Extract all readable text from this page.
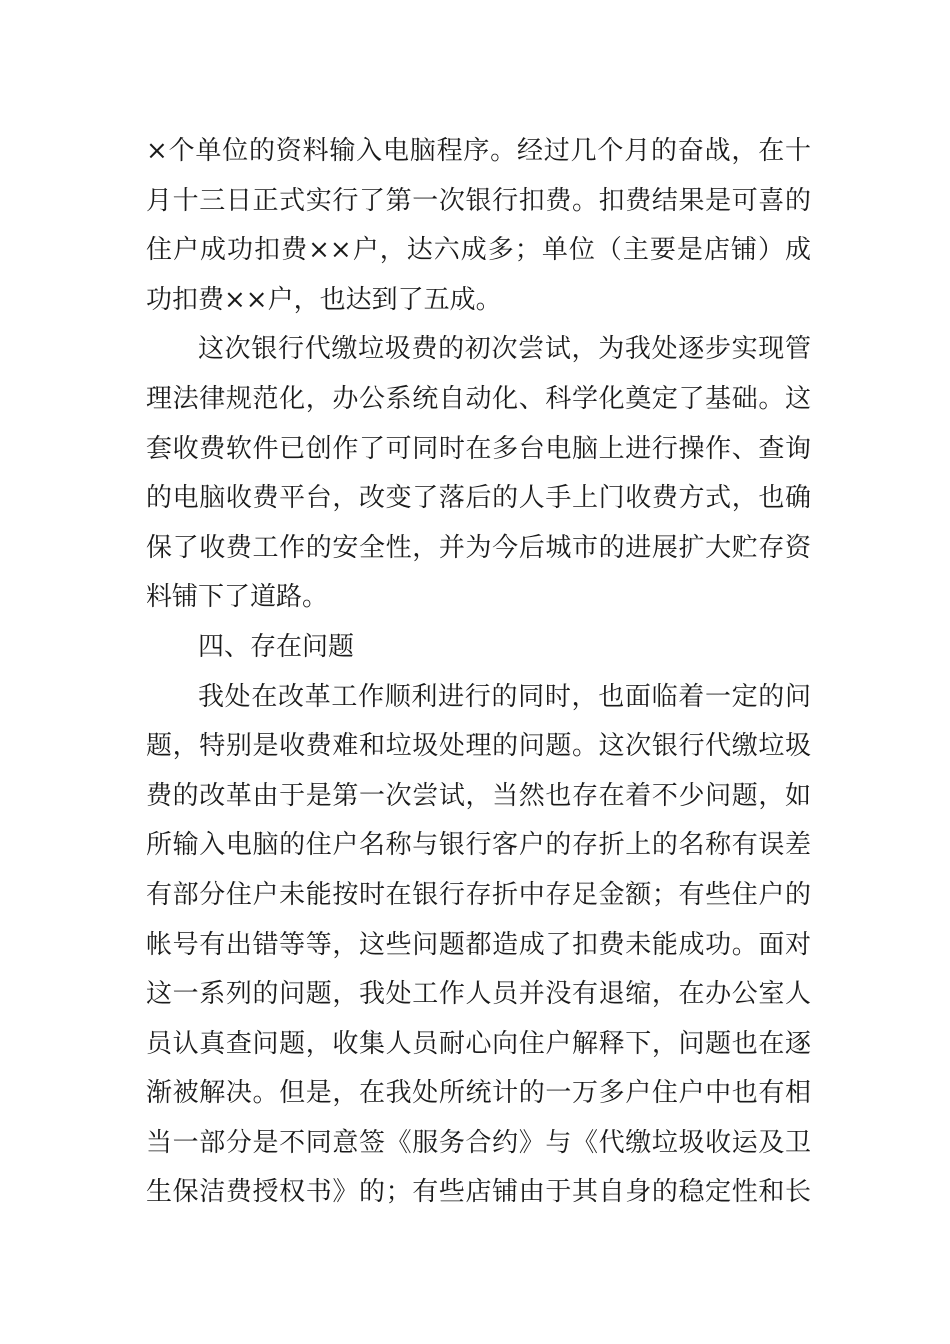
×个单位的资料输入电脑程序。经过几个月的奋战，在十
月十三日正式实行了第一次银行扣费。扣费结果是可喜的
住户成功扣费××户，达六成多；单位（主要是店铺）成
功扣费××户，也达到了五成。
这次银行代缴垃圾费的初次尝试，为我处逐步实现管
理法律规范化，办公系统自动化、科学化奠定了基础。这
套收费软件已创作了可同时在多台电脑上进行操作、查询
的电脑收费平台，改变了落后的人手上门收费方式，也确
保了收费工作的安全性，并为今后城市的进展扩大贮存资
料铺下了道路。
四、存在问题
我处在改革工作顺利进行的同时，也面临着一定的问
题，特别是收费难和垃圾处理的问题。这次银行代缴垃圾
费的改革由于是第一次尝试，当然也存在着不少问题，如
所输入电脑的住户名称与银行客户的存折上的名称有误差
有部分住户未能按时在银行存折中存足金额；有些住户的
帐号有出错等等，这些问题都造成了扣费未能成功。面对
这一系列的问题，我处工作人员并没有退缩，在办公室人
员认真查问题，收集人员耐心向住户解释下，问题也在逐
渐被解决。但是，在我处所统计的一万多户住户中也有相
当一部分是不同意签《服务合约》与《代缴垃圾收运及卫
生保洁费授权书》的；有些店铺由于其自身的稳定性和长
